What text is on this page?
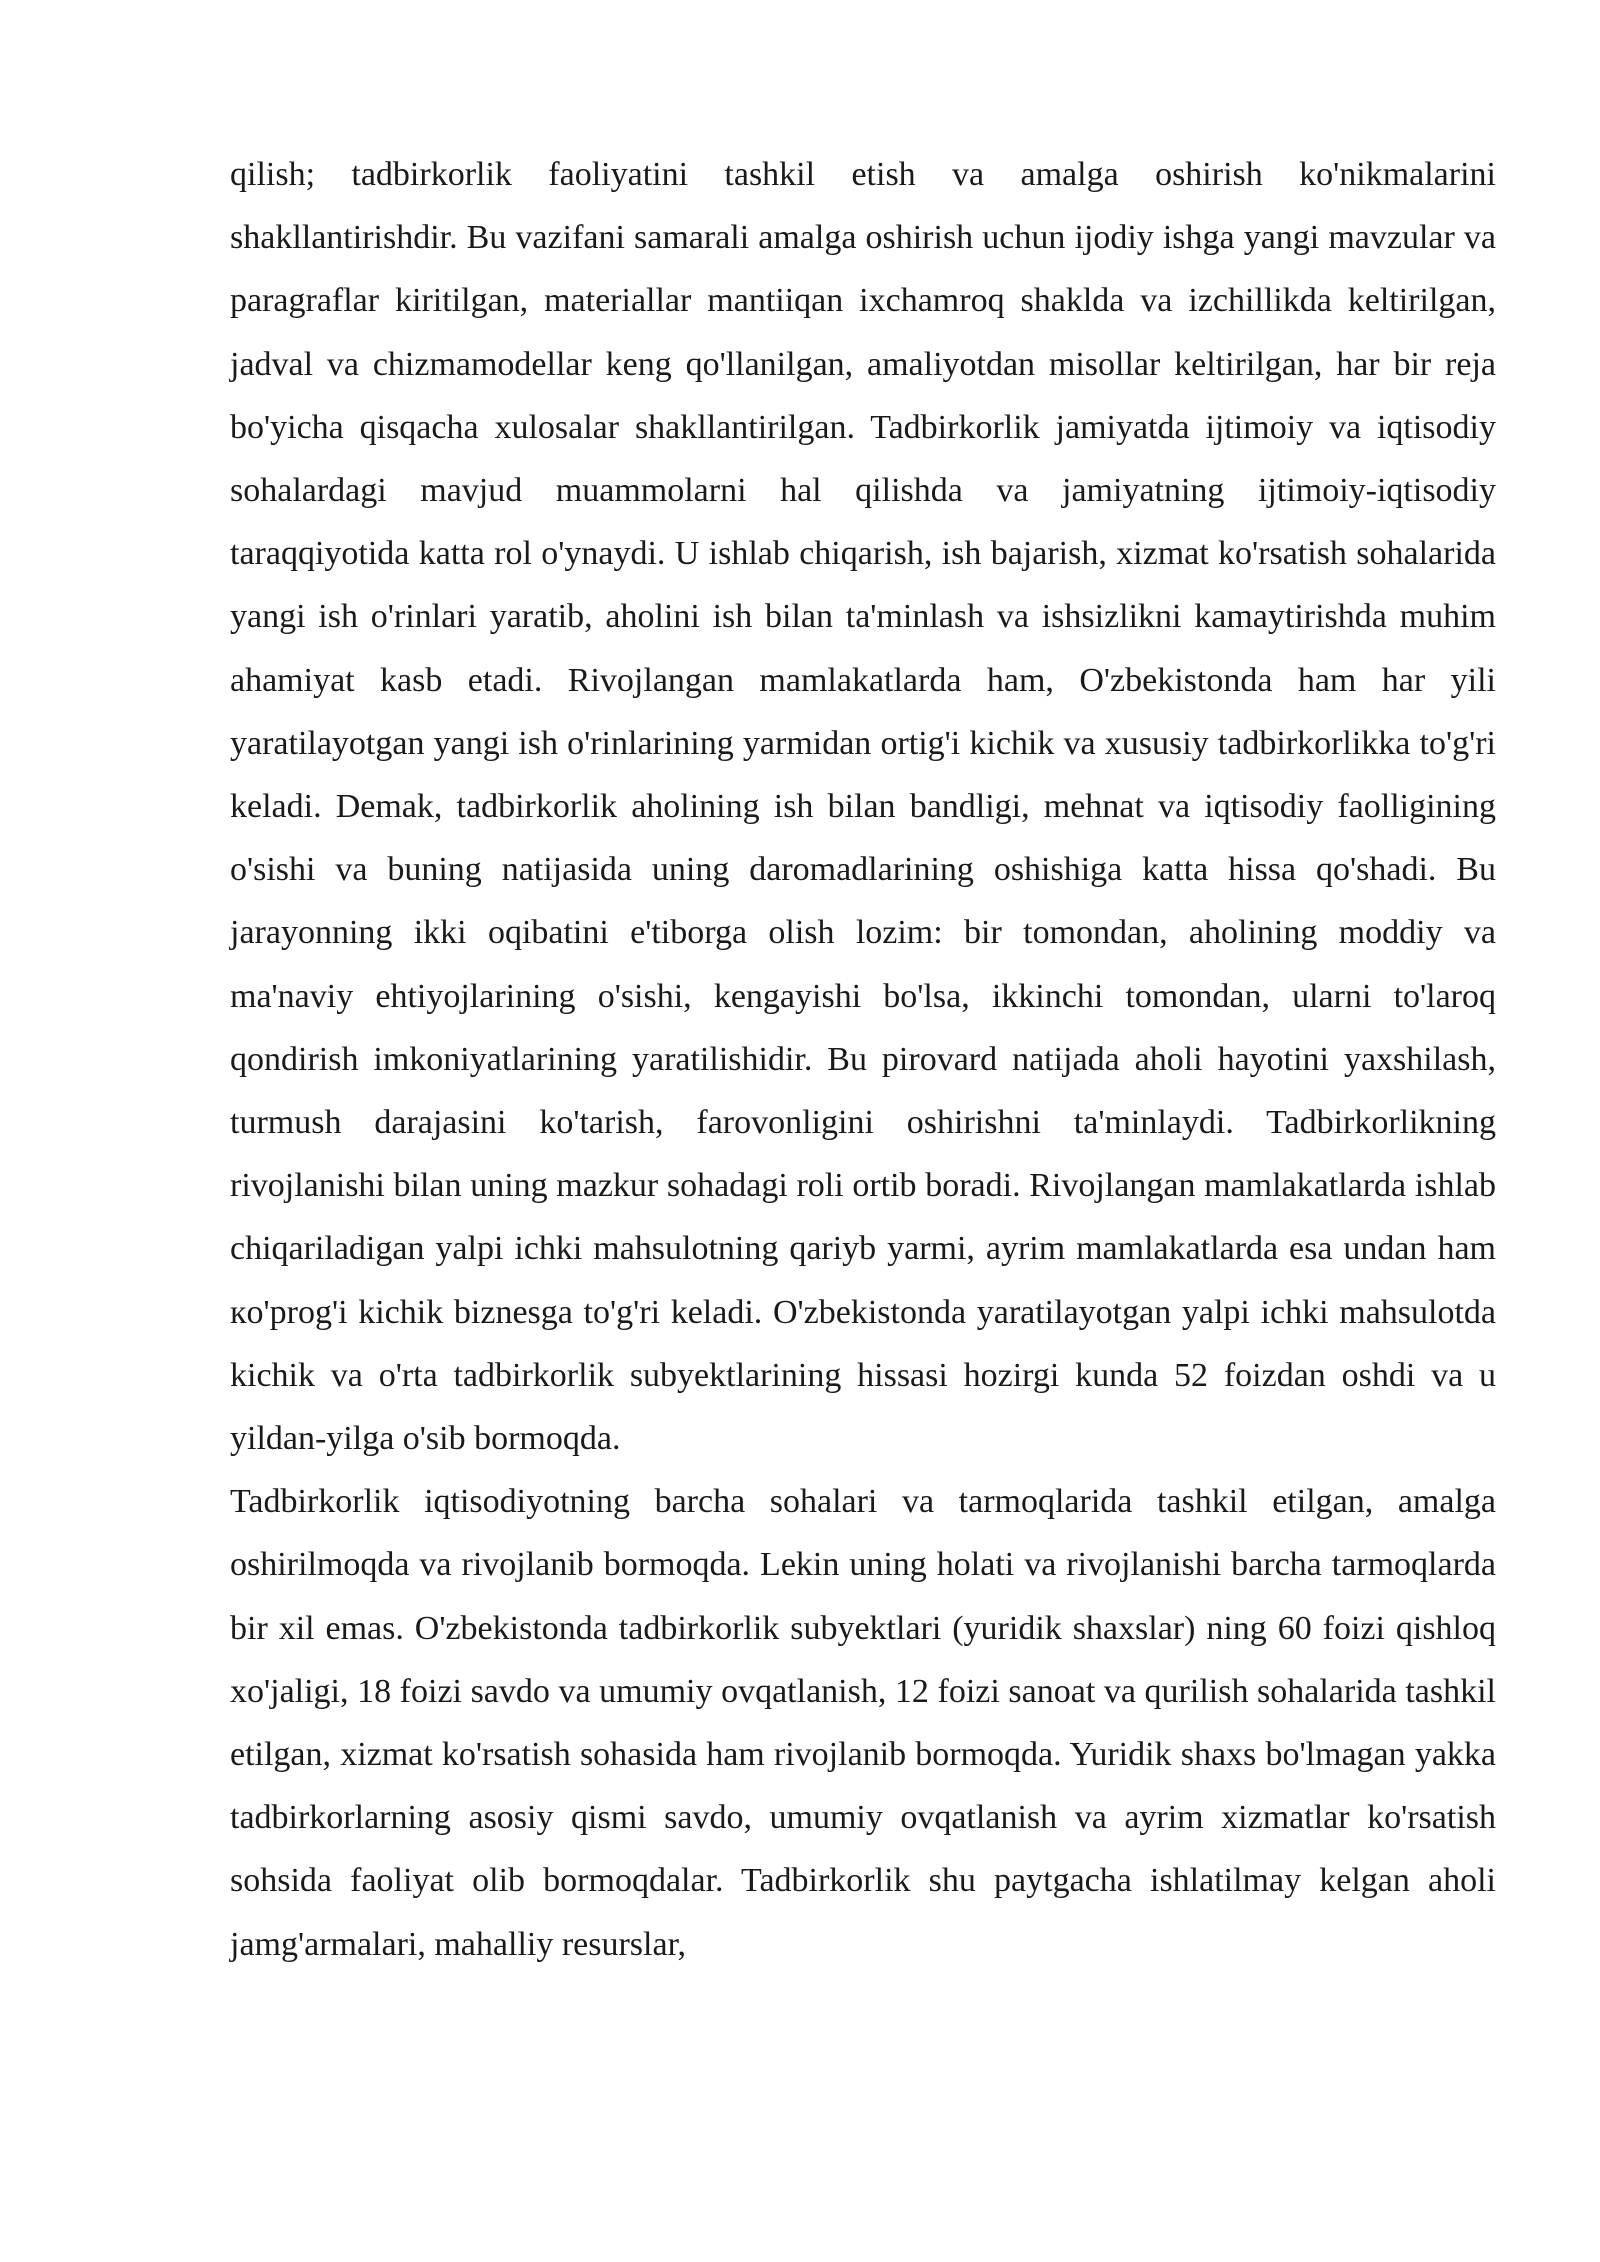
qilish; tadbirkorlik faoliyatini tashkil etish va amalga oshirish ko'nikmalarini shakllantirishdir. Bu vazifani samarali amalga oshirish uchun ijodiy ishga yangi mavzular va paragraflar kiritilgan, materiallar mantiiqan ixchamroq shaklda va izchillikda keltirilgan, jadval va chizmamodellar keng qo'llanilgan, amaliyotdan misollar keltirilgan, har bir reja bo'yicha qisqacha xulosalar shakllantirilgan. Tadbirkorlik jamiyatda ijtimoiy va iqtisodiy sohalardagi mavjud muammolarni hal qilishda va jamiyatning ijtimoiy-iqtisodiy taraqqiyotida katta rol o'ynaydi. U ishlab chiqarish, ish bajarish, xizmat ko'rsatish sohalarida yangi ish o'rinlari yaratib, aholini ish bilan ta'minlash va ishsizlikni kamaytirishda muhim ahamiyat kasb etadi. Rivojlangan mamlakatlarda ham, O'zbekistonda ham har yili yaratilayotgan yangi ish o'rinlarining yarmidan ortig'i kichik va xususiy tadbirkorlikka to'g'ri keladi. Demak, tadbirkorlik aholining ish bilan bandligi, mehnat va iqtisodiy faolligining o'sishi va buning natijasida uning daromadlarining oshishiga katta hissa qo'shadi. Bu jarayonning ikki oqibatini e'tiborga olish lozim: bir tomondan, aholining moddiy va ma'naviy ehtiyojlarining o'sishi, kengayishi bo'lsa, ikkinchi tomondan, ularni to'laroq qondirish imkoniyatlarining yaratilishidir. Bu pirovard natijada aholi hayotini yaxshilash, turmush darajasini ko'tarish, farovonligini oshirishni ta'minlaydi. Tadbirkorlikning rivojlanishi bilan uning mazkur sohadagi roli ortib boradi. Rivojlangan mamlakatlarda ishlab chiqariladigan yalpi ichki mahsulotning qariyb yarmi, ayrim mamlakatlarda esa undan ham кo'prog'i kichik biznesga to'g'ri keladi. O'zbekistonda yaratilayotgan yalpi ichki mahsulotda kichik va o'rta tadbirkorlik subyektlarining hissasi hozirgi kunda 52 foizdan oshdi va u yildan-yilga o'sib bormoqda.

Tadbirkorlik iqtisodiyotning barcha sohalari va tarmoqlarida tashkil etilgan, amalga oshirilmoqda va rivojlanib bormoqda. Lekin uning holati va rivojlanishi barcha tarmoqlarda bir xil emas. O'zbekistonda tadbirkorlik subyektlari (yuridik shaxslar) ning 60 foizi qishloq xo'jaligi, 18 foizi savdo va umumiy ovqatlanish, 12 foizi sanoat va qurilish sohalarida tashkil etilgan, xizmat ko'rsatish sohasida ham rivojlanib bormoqda. Yuridik shaxs bo'lmagan yakka tadbirkorlarning asosiy qismi savdo, umumiy ovqatlanish va ayrim xizmatlar ko'rsatish sohsida faoliyat olib bormoqdalar. Tadbirkorlik shu paytgacha ishlatilmay kelgan aholi jamg'armalari, mahalliy resurslar,
